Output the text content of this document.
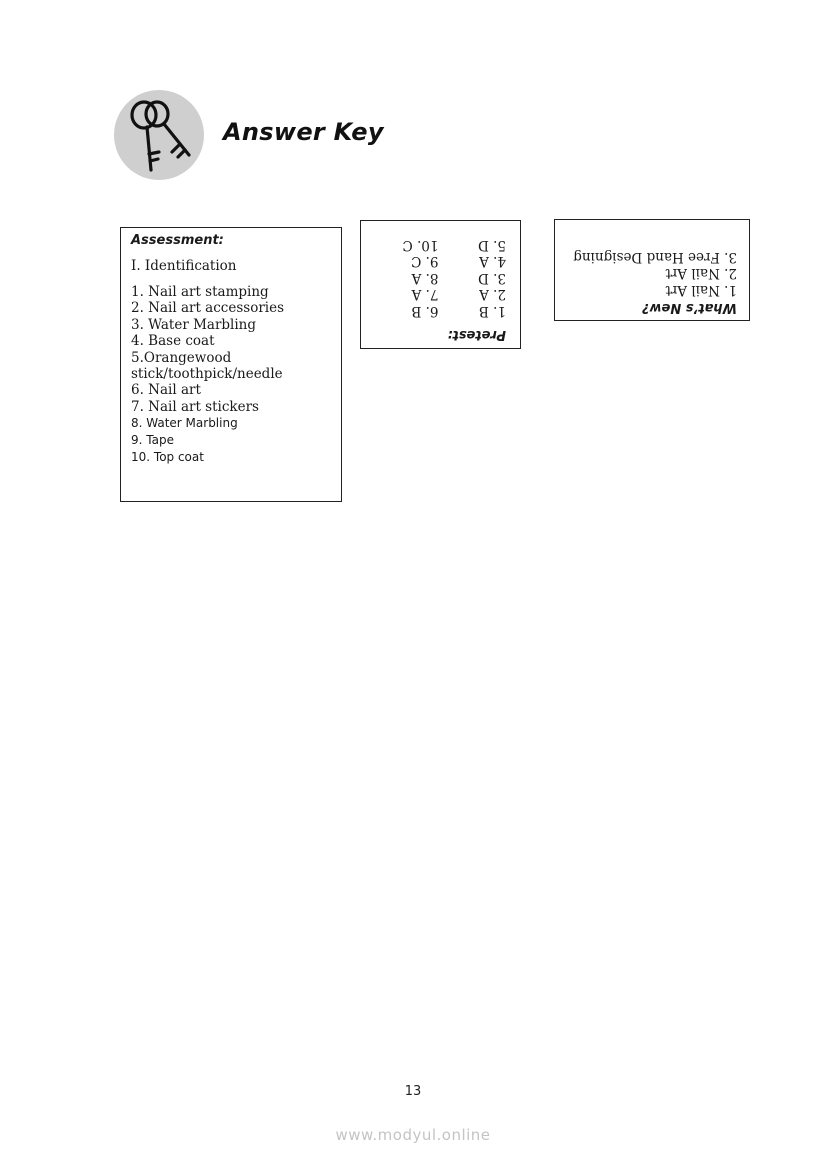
Answer Key
Assessment:
I. Identification
1. Nail art stamping
2. Nail art accessories
3. Water Marbling
4. Base coat
5.Orangewood
stick/toothpick/needle
6. Nail art
7. Nail art stickers
8. Water Marbling
9. Tape
10. Top coat
Pretest:
1. B
2. A
3. D
4. A
5. D
6. B
7. A
8. A
9. C
10. C
What’s New?
1. Nail Art
2. Nail Art
3. Free Hand Designing
13
www.modyul.online
